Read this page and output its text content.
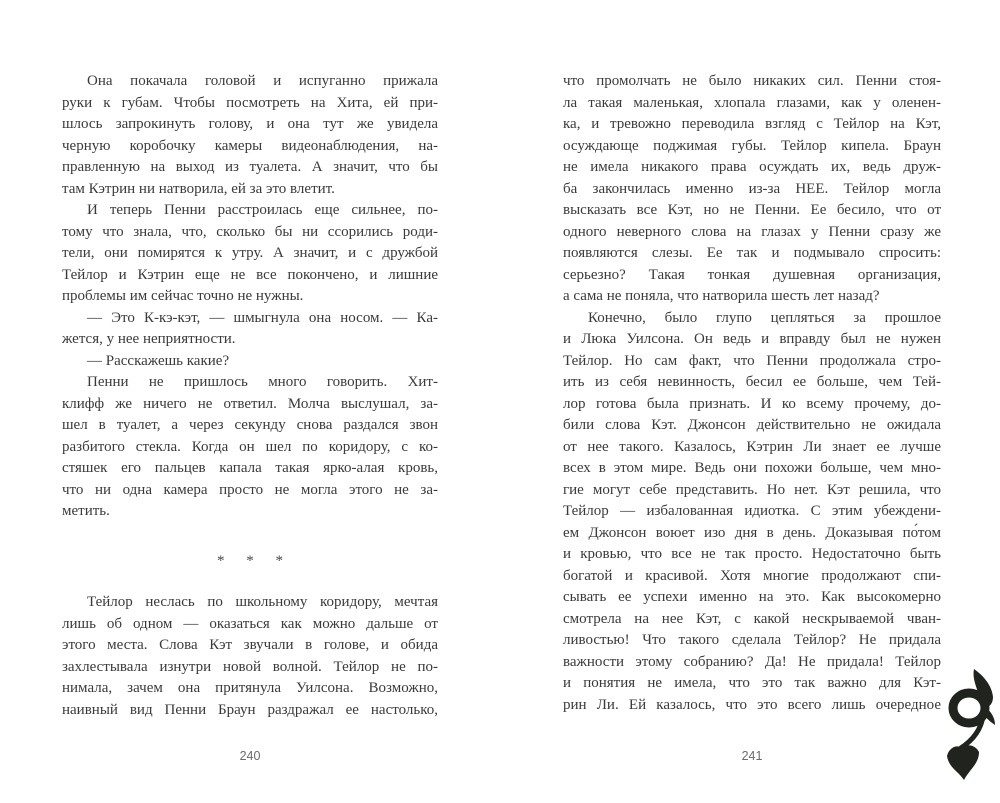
Она покачала головой и испуганно прижала
руки к губам. Чтобы посмотреть на Хита, ей при-
шлось запрокинуть голову, и она тут же увидела
черную коробочку камеры видеонаблюдения, на-
правленную на выход из туалета. А значит, что бы
там Кэтрин ни натворила, ей за это влетит.
И теперь Пенни расстроилась еще сильнее, по-
тому что знала, что, сколько бы ни ссорились роди-
тели, они помирятся к утру. А значит, и с дружбой
Тейлор и Кэтрин еще не все покончено, и лишние
проблемы им сейчас точно не нужны.
— Это К-кэ-кэт, — шмыгнула она носом. — Ка-
жется, у нее неприятности.
— Расскажешь какие?
Пенни не пришлось много говорить. Хит-
клифф же ничего не ответил. Молча выслушал, за-
шел в туалет, а через секунду снова раздался звон
разбитого стекла. Когда он шел по коридору, с ко-
стяшек его пальцев капала такая ярко-алая кровь,
что ни одна камера просто не могла этого не за-
метить.
* * *
Тейлор неслась по школьному коридору, мечтая
лишь об одном — оказаться как можно дальше от
этого места. Слова Кэт звучали в голове, и обида
захлестывала изнутри новой волной. Тейлор не по-
нимала, зачем она притянула Уилсона. Возможно,
наивный вид Пенни Браун раздражал ее настолько,
что промолчать не было никаких сил. Пенни стоя-
ла такая маленькая, хлопала глазами, как у оленен-
ка, и тревожно переводила взгляд с Тейлор на Кэт,
осуждающе поджимая губы. Тейлор кипела. Браун
не имела никакого права осуждать их, ведь друж-
ба закончилась именно из-за НЕЕ. Тейлор могла
высказать все Кэт, но не Пенни. Ее бесило, что от
одного неверного слова на глазах у Пенни сразу же
появляются слезы. Ее так и подмывало спросить:
серьезно? Такая тонкая душевная организация,
а сама не поняла, что натворила шесть лет назад?
Конечно, было глупо цепляться за прошлое
и Люка Уилсона. Он ведь и вправду был не нужен
Тейлор. Но сам факт, что Пенни продолжала стро-
ить из себя невинность, бесил ее больше, чем Тей-
лор готова была признать. И ко всему прочему, до-
били слова Кэт. Джонсон действительно не ожидала
от нее такого. Казалось, Кэтрин Ли знает ее лучше
всех в этом мире. Ведь они похожи больше, чем мно-
гие могут себе представить. Но нет. Кэт решила, что
Тейлор — избалованная идиотка. С этим убеждени-
ем Джонсон воюет изо дня в день. Доказывая по́том
и кровью, что все не так просто. Недостаточно быть
богатой и красивой. Хотя многие продолжают спи-
сывать ее успехи именно на это. Как высокомерно
смотрела на нее Кэт, с какой нескрываемой чван-
ливостью! Что такого сделала Тейлор? Не придала
важности этому собранию? Да! Не придала! Тейлор
и понятия не имела, что это так важно для Кэт-
рин Ли. Ей казалось, что это всего лишь очередное
240	241
